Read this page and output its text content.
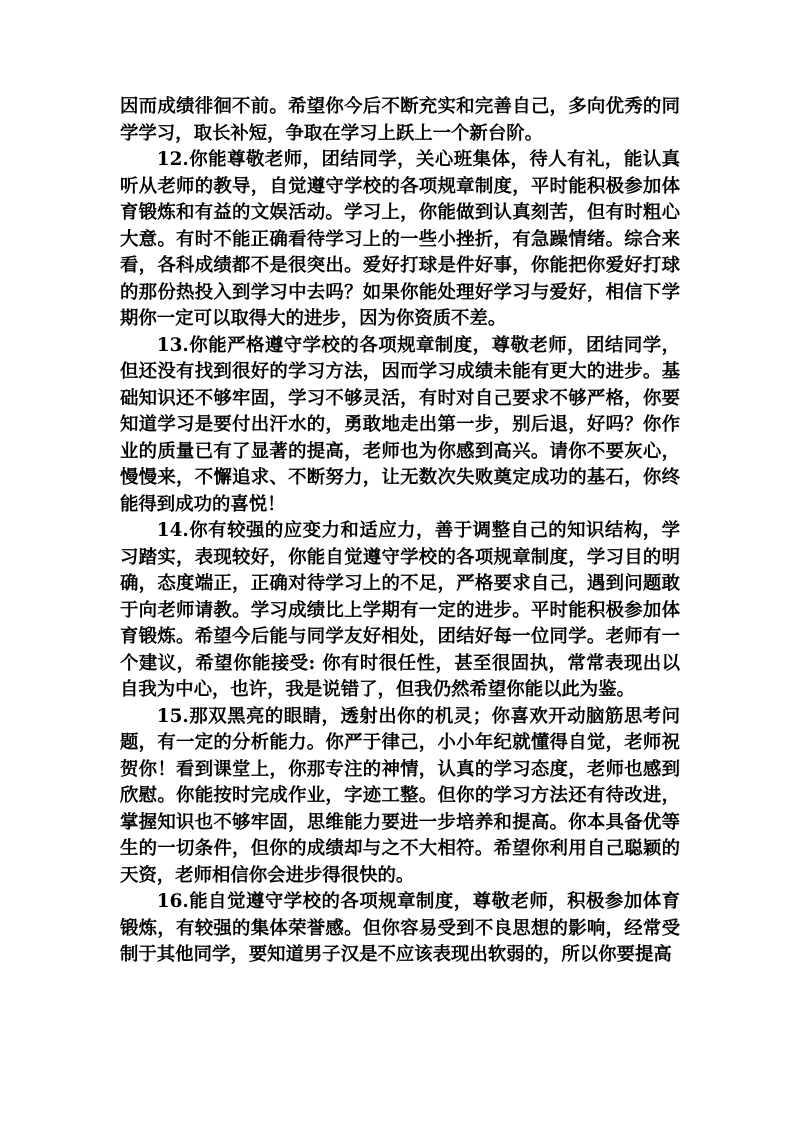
因而成绩徘徊不前。希望你今后不断充实和完善自己，多向优秀的同学学习，取长补短，争取在学习上跃上一个新台阶。

12.你能尊敬老师，团结同学，关心班集体，待人有礼，能认真听从老师的教导，自觉遵守学校的各项规章制度，平时能积极参加体育锻炼和有益的文娱活动。学习上，你能做到认真刻苦，但有时粗心大意。有时不能正确看待学习上的一些小挫折，有急躁情绪。综合来看，各科成绩都不是很突出。爱好打球是件好事，你能把你爱好打球的那份热投入到学习中去吗？如果你能处理好学习与爱好，相信下学期你一定可以取得大的进步，因为你资质不差。

13.你能严格遵守学校的各项规章制度，尊敬老师，团结同学，但还没有找到很好的学习方法，因而学习成绩未能有更大的进步。基础知识还不够牢固，学习不够灵活，有时对自己要求不够严格，你要知道学习是要付出汗水的，勇敢地走出第一步，别后退，好吗？你作业的质量已有了显著的提高，老师也为你感到高兴。请你不要灰心，慢慢来，不懈追求、不断努力，让无数次失败奠定成功的基石，你终能得到成功的喜悦！

14.你有较强的应变力和适应力，善于调整自己的知识结构，学习踏实，表现较好，你能自觉遵守学校的各项规章制度，学习目的明确，态度端正，正确对待学习上的不足，严格要求自己，遇到问题敢于向老师请教。学习成绩比上学期有一定的进步。平时能积极参加体育锻炼。希望今后能与同学友好相处，团结好每一位同学。老师有一个建议，希望你能接受: 你有时很任性，甚至很固执，常常表现出以自我为中心，也许，我是说错了，但我仍然希望你能以此为鉴。

15.那双黑亮的眼睛，透射出你的机灵；你喜欢开动脑筋思考问题，有一定的分析能力。你严于律己，小小年纪就懂得自觉，老师祝贺你！看到课堂上，你那专注的神情，认真的学习态度，老师也感到欣慰。你能按时完成作业，字迹工整。但你的学习方法还有待改进，掌握知识也不够牢固，思维能力要进一步培养和提高。你本具备优等生的一切条件，但你的成绩却与之不大相符。希望你利用自己聪颖的天资，老师相信你会进步得很快的。

16.能自觉遵守学校的各项规章制度，尊敬老师，积极参加体育锻炼，有较强的集体荣誉感。但你容易受到不良思想的影响，经常受制于其他同学，要知道男子汉是不应该表现出软弱的，所以你要提高
